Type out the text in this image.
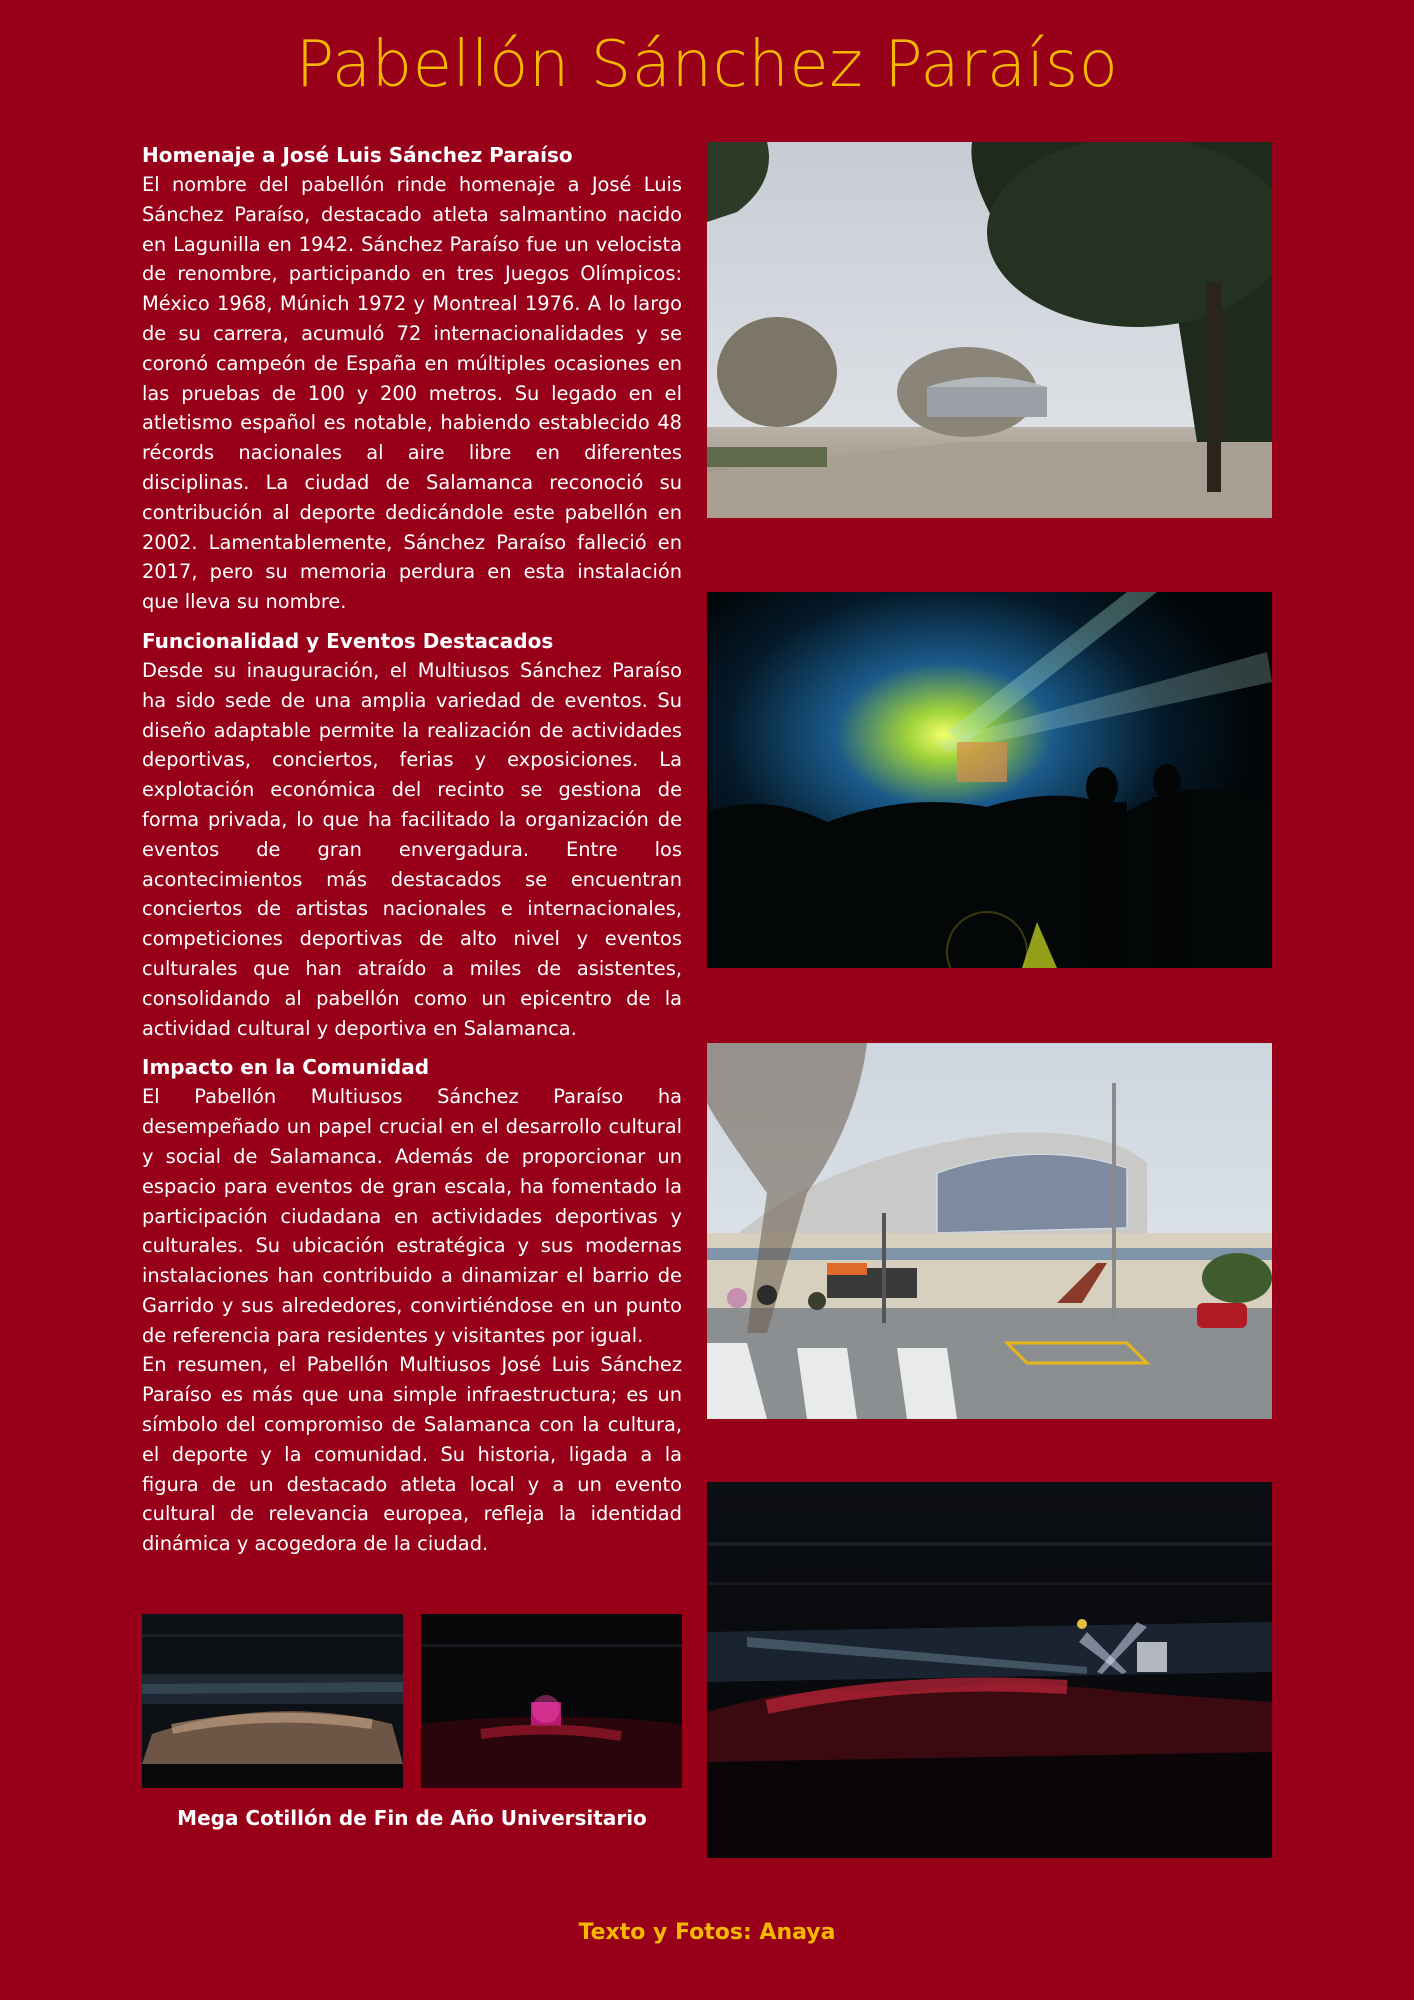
Pabellón Sánchez Paraíso
Homenaje a José Luis Sánchez Paraíso

El nombre del pabellón rinde homenaje a José Luis Sánchez Paraíso, destacado atleta salmantino nacido en Lagunilla en 1942. Sánchez Paraíso fue un velocista de renombre, participando en tres Juegos Olímpicos: México 1968, Múnich 1972 y Montreal 1976. A lo largo de su carrera, acumuló 72 internacionalidades y se coronó campeón de España en múltiples ocasiones en las pruebas de 100 y 200 metros. Su legado en el atletismo español es notable, habiendo establecido 48 récords nacionales al aire libre en diferentes disciplinas. La ciudad de Salamanca reconoció su contribución al deporte dedicándole este pabellón en 2002. Lamentablemente, Sánchez Paraíso falleció en 2017, pero su memoria perdura en esta instalación que lleva su nombre.

Funcionalidad y Eventos Destacados

Desde su inauguración, el Multiusos Sánchez Paraíso ha sido sede de una amplia variedad de eventos. Su diseño adaptable permite la realización de actividades deportivas, conciertos, ferias y exposiciones. La explotación económica del recinto se gestiona de forma privada, lo que ha facilitado la organización de eventos de gran envergadura. Entre los acontecimientos más destacados se encuentran conciertos de artistas nacionales e internacionales, competiciones deportivas de alto nivel y eventos culturales que han atraído a miles de asistentes, consolidando al pabellón como un epicentro de la actividad cultural y deportiva en Salamanca.

Impacto en la Comunidad

El Pabellón Multiusos Sánchez Paraíso ha desempeñado un papel crucial en el desarrollo cultural y social de Salamanca. Además de proporcionar un espacio para eventos de gran escala, ha fomentado la participación ciudadana en actividades deportivas y culturales. Su ubicación estratégica y sus modernas instalaciones han contribuido a dinamizar el barrio de Garrido y sus alrededores, convirtiéndose en un punto de referencia para residentes y visitantes por igual.

En resumen, el Pabellón Multiusos José Luis Sánchez Paraíso es más que una simple infraestructura; es un símbolo del compromiso de Salamanca con la cultura, el deporte y la comunidad. Su historia, ligada a la figura de un destacado atleta local y a un evento cultural de relevancia europea, refleja la identidad dinámica y acogedora de la ciudad.

Mega Cotillón de Fin de Año Universitario
Texto y Fotos: Anaya
